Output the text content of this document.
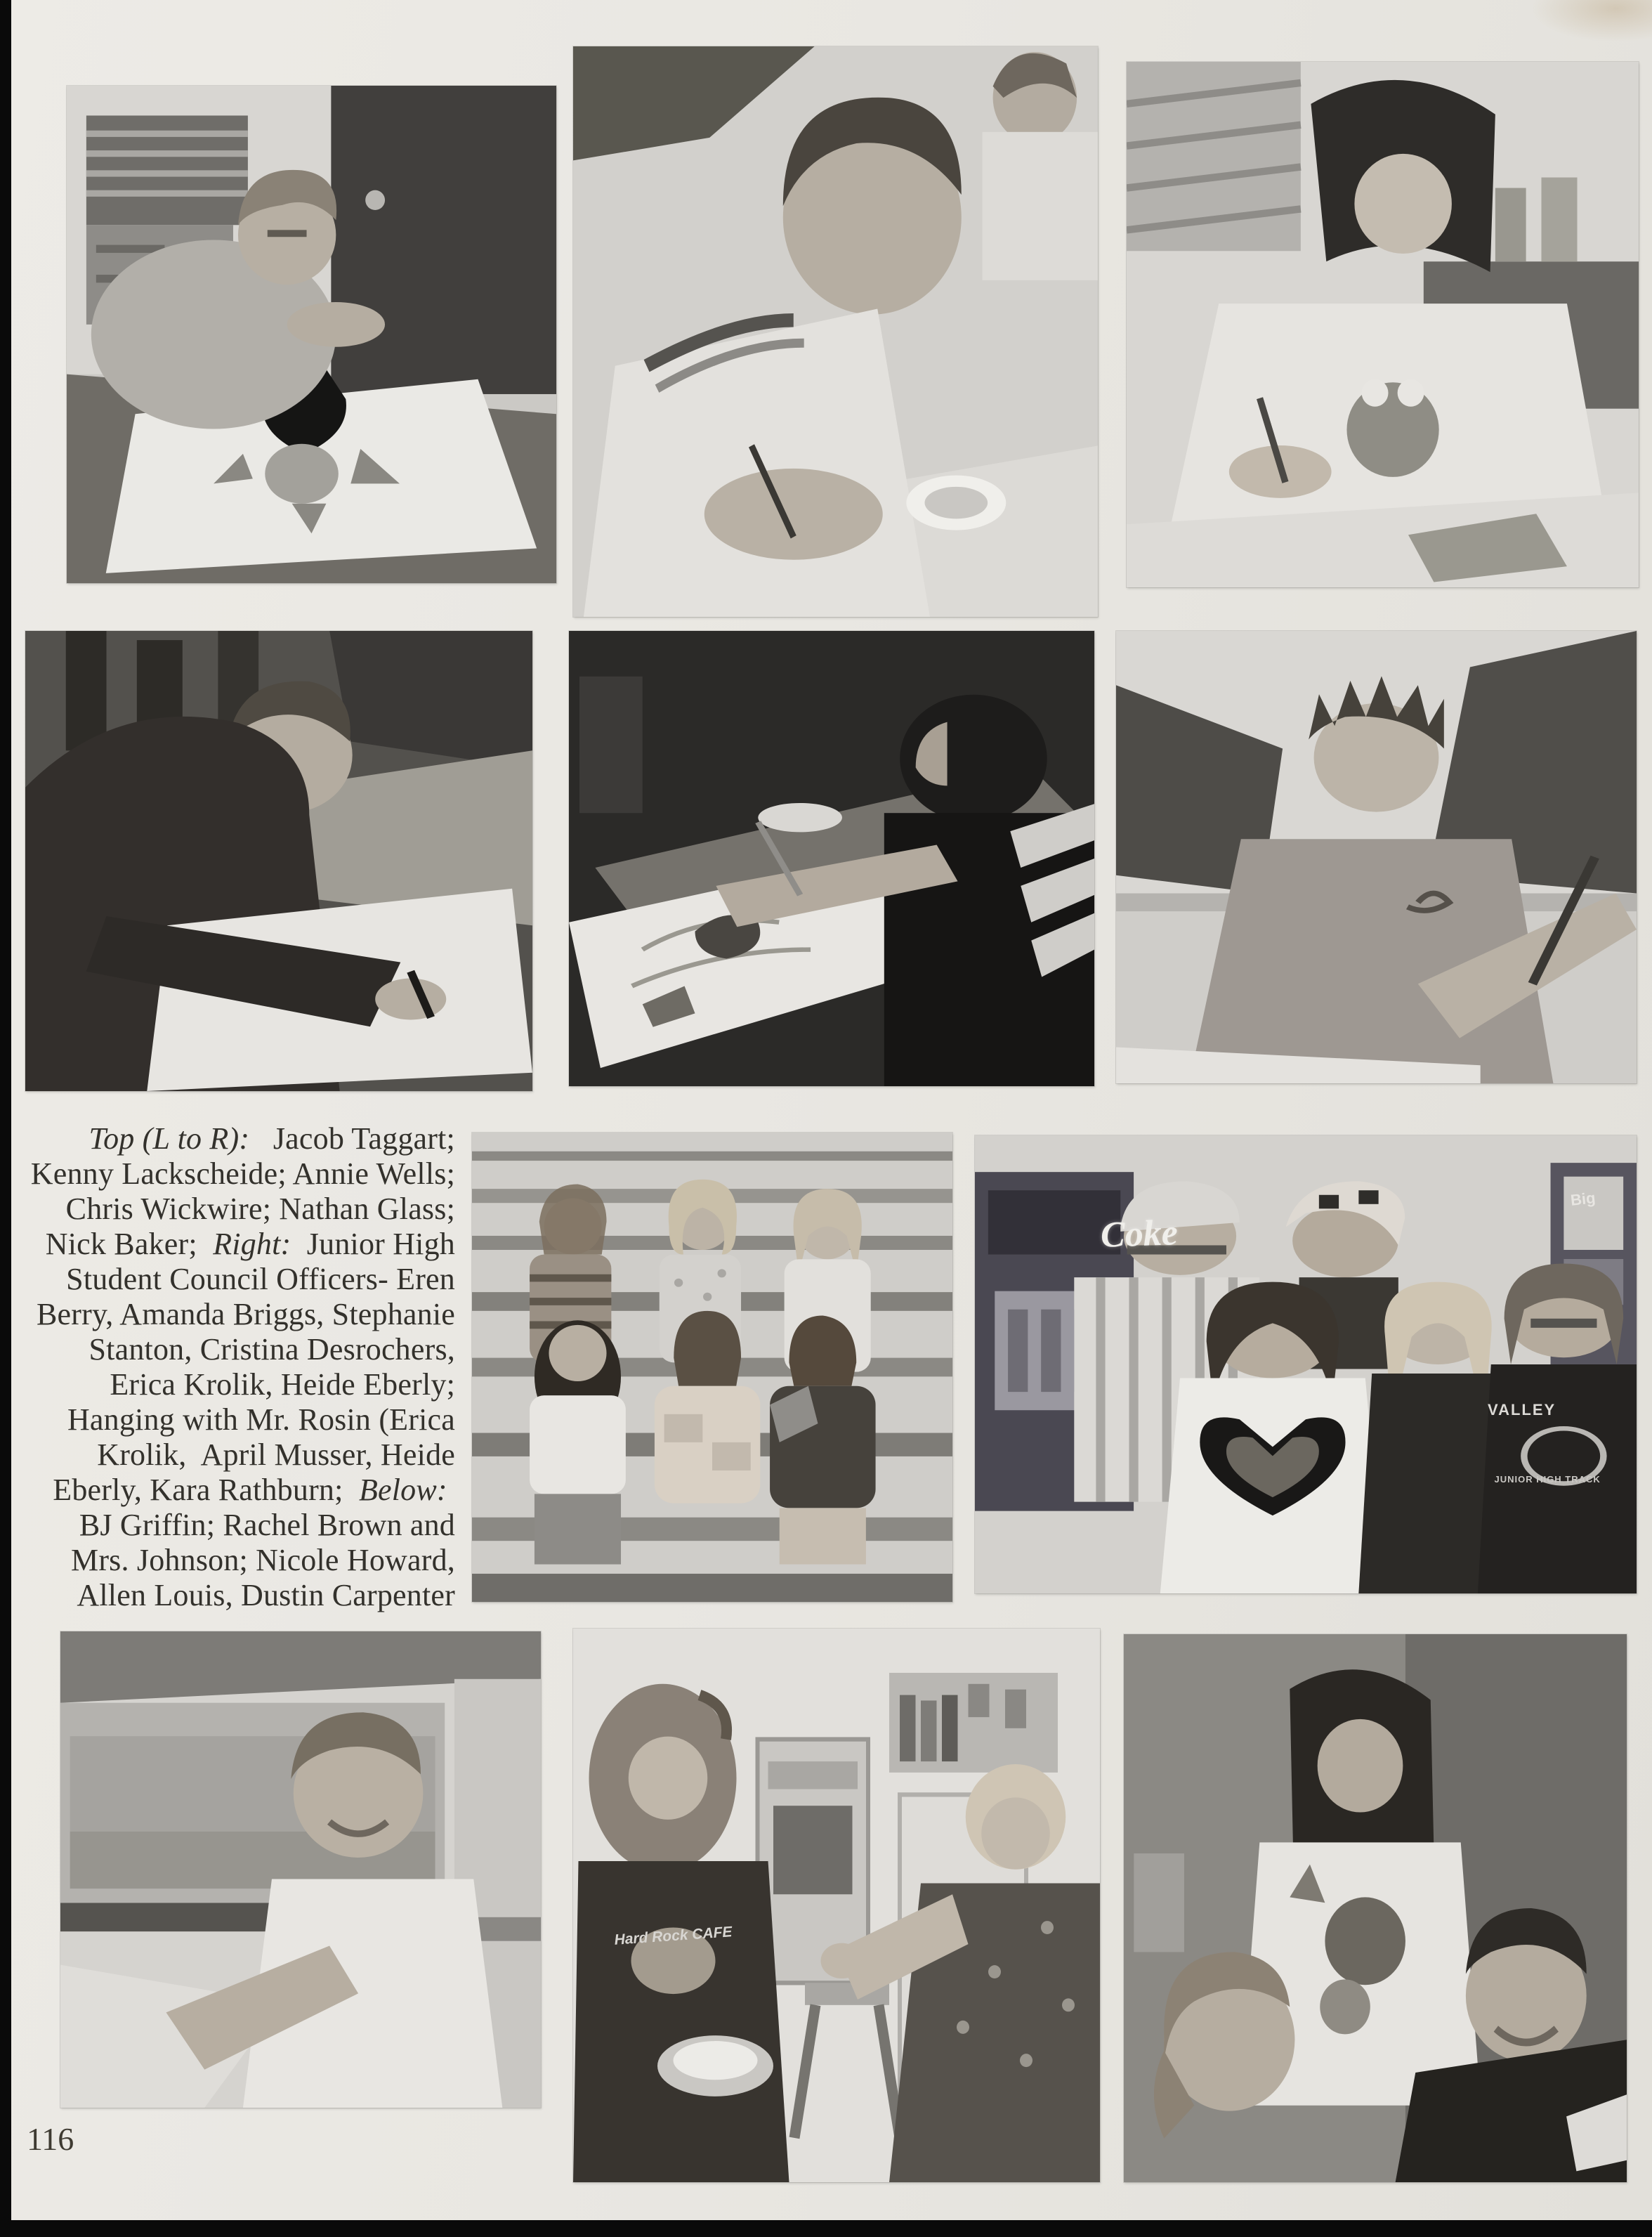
Top (L to R):   Jacob Taggart; Kenny Lackscheide; Annie Wells; Chris Wickwire; Nathan Glass; Nick Baker;  Right:  Junior High Student Council Officers- Eren Berry, Amanda Briggs, Stephanie Stanton, Cristina Desrochers, Erica Krolik, Heide Eberly; Hanging with Mr. Rosin (Erica Krolik,  April Musser, Heide Eberly, Kara Rathburn;  Below:  BJ Griffin; Rachel Brown and Mrs. Johnson; Nicole Howard, Allen Louis, Dustin Carpenter
Coke
Big
VALLEY
JUNIOR HIGH TRACK
Hard Rock CAFE
116
